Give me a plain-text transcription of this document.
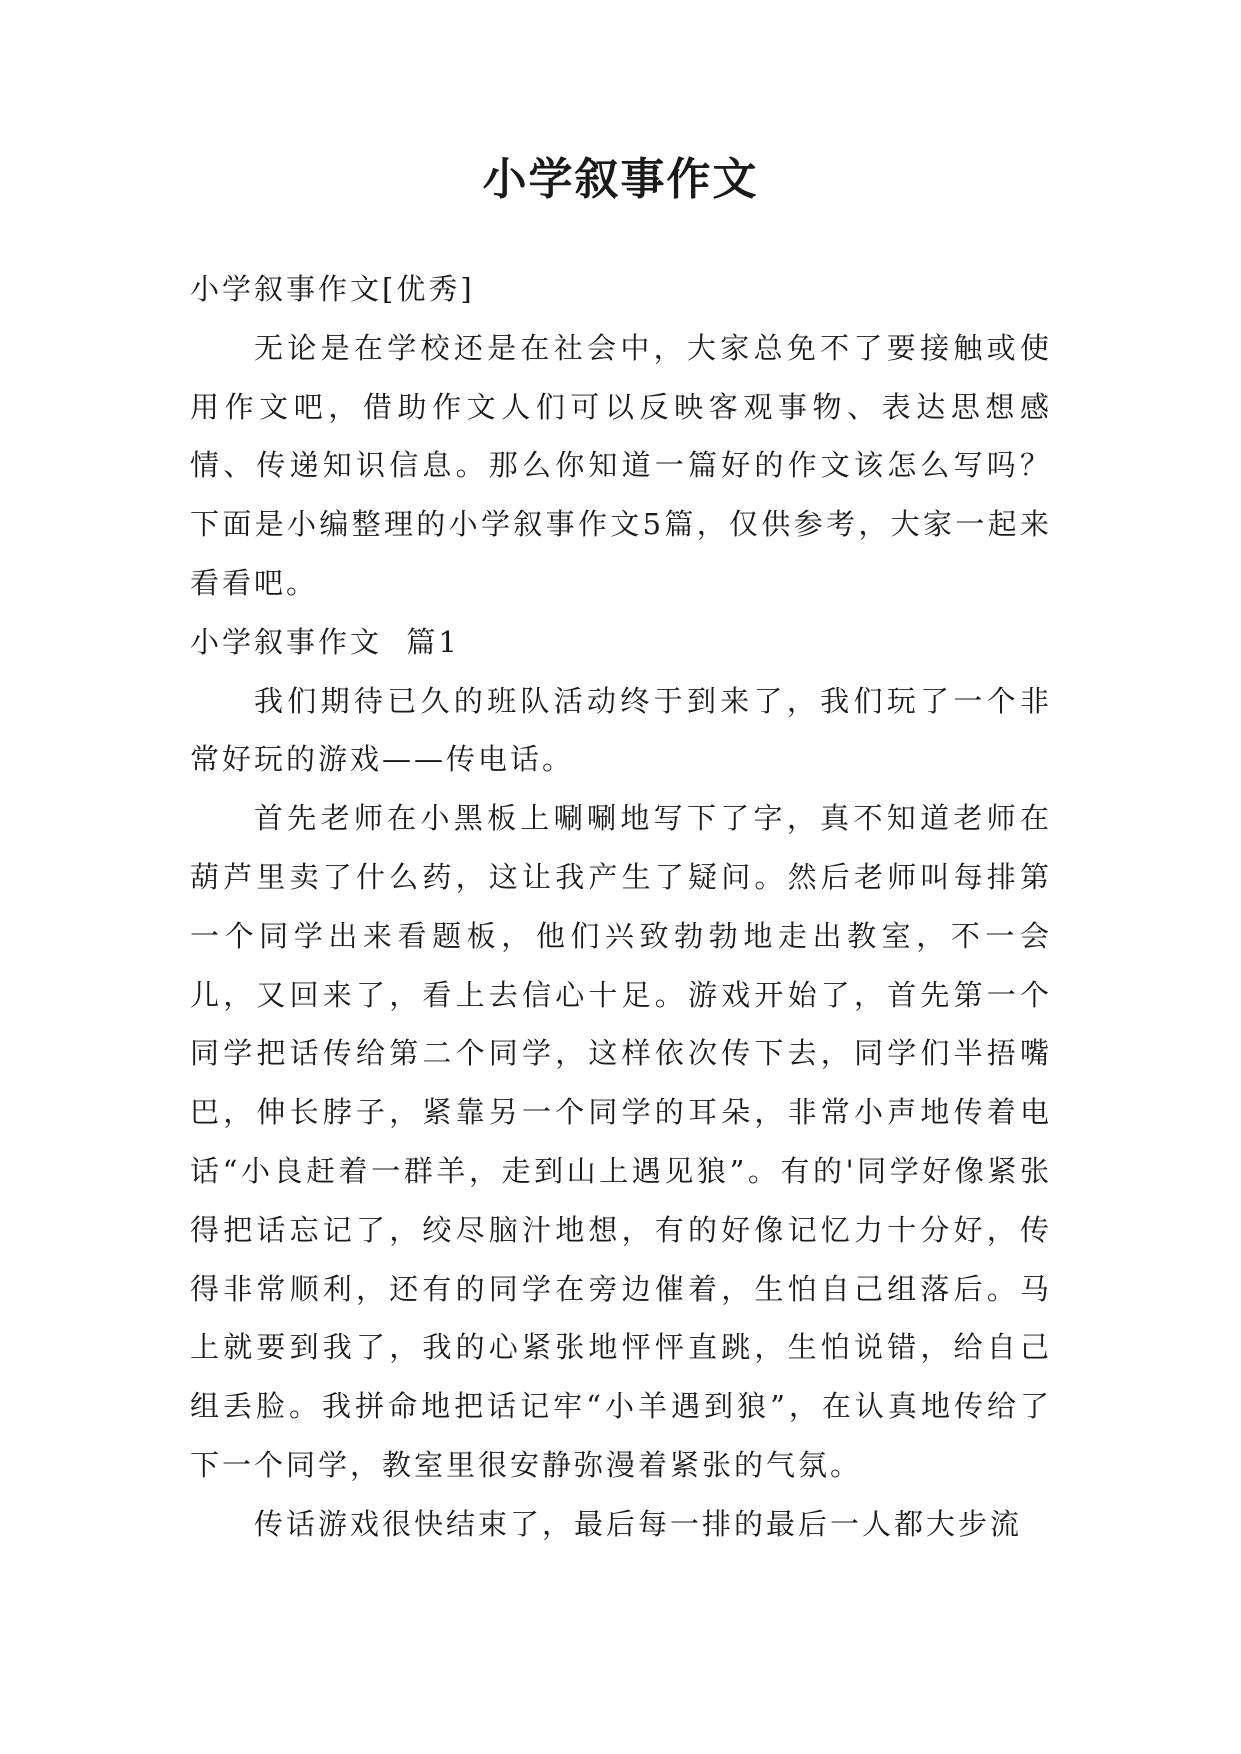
小学叙事作文

小学叙事作文[优秀]

无论是在学校还是在社会中，大家总免不了要接触或使用作文吧，借助作文人们可以反映客观事物、表达思想感情、传递知识信息。那么你知道一篇好的作文该怎么写吗？下面是小编整理的小学叙事作文5篇，仅供参考，大家一起来看看吧。

小学叙事作文  篇1

我们期待已久的班队活动终于到来了，我们玩了一个非常好玩的游戏——传电话。

首先老师在小黑板上唰唰地写下了字，真不知道老师在葫芦里卖了什么药，这让我产生了疑问。然后老师叫每排第一个同学出来看题板，他们兴致勃勃地走出教室，不一会儿，又回来了，看上去信心十足。游戏开始了，首先第一个同学把话传给第二个同学，这样依次传下去，同学们半捂嘴巴，伸长脖子，紧靠另一个同学的耳朵，非常小声地传着电话“小良赶着一群羊，走到山上遇见狼”。有的'同学好像紧张得把话忘记了，绞尽脑汁地想，有的好像记忆力十分好，传得非常顺利，还有的同学在旁边催着，生怕自己组落后。马上就要到我了，我的心紧张地怦怦直跳，生怕说错，给自己组丢脸。我拼命地把话记牢“小羊遇到狼”，在认真地传给了下一个同学，教室里很安静弥漫着紧张的气氛。

传话游戏很快结束了，最后每一排的最后一人都大步流
